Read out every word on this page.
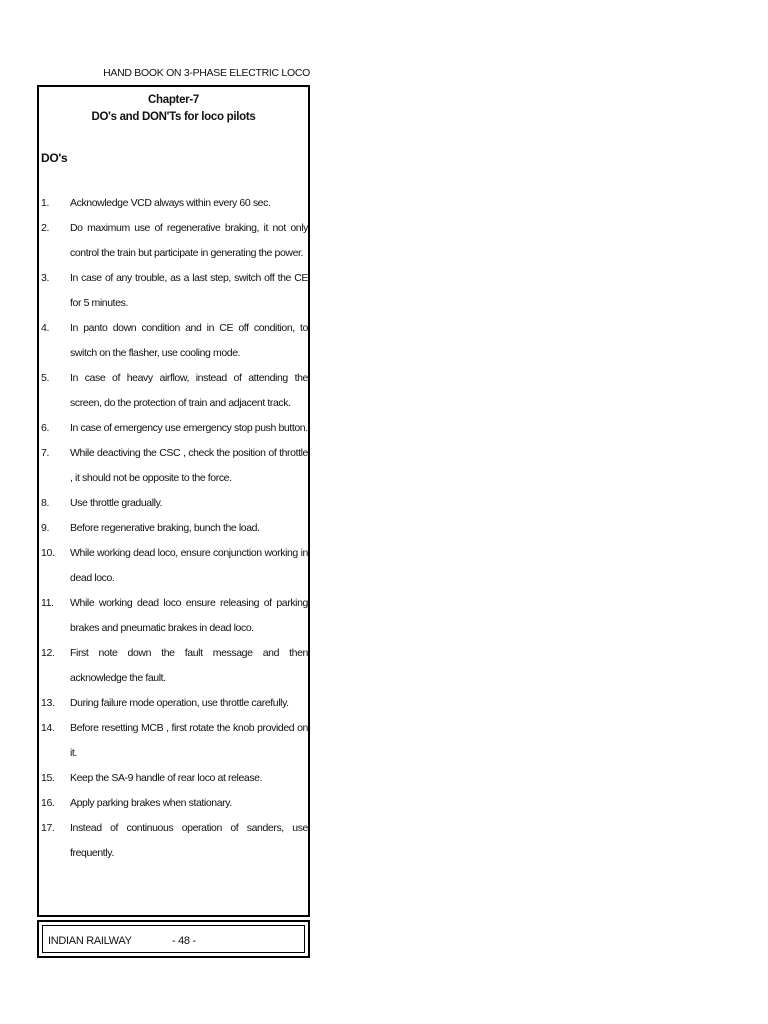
HAND BOOK ON 3-PHASE ELECTRIC LOCO
Chapter-7
DO's and DON'Ts for loco pilots
DO's
1. Acknowledge VCD always within every 60 sec.
2. Do maximum use of regenerative braking, it not only control the train but participate in generating the power.
3. In case of any trouble, as a last step, switch off the CE for 5 minutes.
4. In panto down condition and in CE off condition, to switch on the flasher, use cooling mode.
5. In case of heavy airflow, instead of attending the screen, do the protection of train and adjacent track.
6. In case of emergency use emergency stop push button.
7. While deactiving the CSC , check the position of throttle , it should not be opposite to the force.
8. Use throttle gradually.
9. Before regenerative braking, bunch the load.
10. While working dead loco, ensure conjunction working in dead loco.
11. While working dead loco ensure releasing of parking brakes and pneumatic brakes in dead loco.
12. First note down the fault message and then acknowledge the fault.
13. During failure mode operation, use throttle carefully.
14. Before resetting MCB , first rotate the knob provided on it.
15. Keep the SA-9 handle of rear loco at release.
16. Apply parking brakes when stationary.
17. Instead of continuous operation of sanders, use frequently.
INDIAN RAILWAY	- 48 -
